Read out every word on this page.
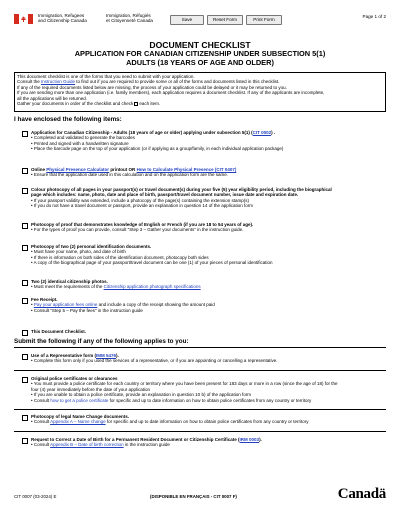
Immigration, Refugees
and Citizenship Canada
Immigration, Réfugiés
et Citoyenneté Canada	Save	Reset Form	Print Form
Page 1 of 2
DOCUMENT CHECKLIST
APPLICATION FOR CANADIAN CITIZENSHIP UNDER SUBSECTION 5(1)
ADULTS (18 YEARS OF AGE AND OLDER)

This document checklist is one of the forms that you need to submit with your application.

Consult the Instruction Guide to find out if you are required to provide some or all of the forms and documents listed in this checklist.

If any of the required documents listed below are missing, the process of your application could be delayed or it may be returned to you.

If you are sending more than one application (i.e. family members), each application requires a document checklist. If any of the applicants are incomplete,

all the applications will be returned.

Gather your documents in order of the checklist and check each item.

I have enclosed the following items:
Application for Canadian Citizenship - Adults (18 years of age or older) applying under subsection 5(1) (CIT 0002) .
• Completed and validated to generate the barcodes
• Printed and signed with a handwritten signature
• Place the barcode page on the top of your application (or if applying as a group/family, in each individual application package)
Online Physical Presence Calculator printout OR How to Calculate Physical Presence (CIT 0407)
• Ensure that the application date used in this calculation and on the application form are the same.
Colour photocopy of all pages in your passport(s) or travel document(s) during your five (5) year eligibility period, including the biographical
page which includes: name, photo, date and place of birth, passport/travel document number, issue date and expiration date.
• If your passport validity was extended, include a photocopy of the page(s) containing the extension stamp(s)
• If you do not have a travel document or passport, provide an explanation in question 14 of the application form
Photocopy of proof that demonstrates knowledge of English or French (if you are 18 to 54 years of age).
• For the types of proof you can provide, consult "Step 3 – Gather your documents" in the instruction guide.
Photocopy of two (2) personal identification documents.
• Must have your name, photo, and date of birth
• If there is information on both sides of the identification document, photocopy both sides
• A copy of the biographical page of your passport/travel document can be one (1) of your pieces of personal identification
Two (2) identical citizenship photos.
• Must meet the requirements of the Citizenship application photograph specifications
Fee Receipt.
• Pay your application fees online and include a copy of the receipt showing the amount paid
• Consult "Step 5 – Pay the fees" in the instruction guide
This Document Checklist.
Submit the following if any of the following applies to you:
Use of a Representative form (IMM 5476).
• Complete this form only if you used the services of a representative, or if you are appointing or cancelling a representative.
Original police certificates or clearances
• You must provide a police certificate for each country or territory where you have been present for 183 days or more in a row (since the age of 18) for the
four (4) year immediately before the date of your application
• If you are unable to obtain a police certificate, provide an explanation in question 10 b) of the application form
• Consult how to get a police certificate for specific and up to date information on how to obtain police certificates from any country or territory
Photocopy of legal Name Change documents.
• Consult Appendix A – Name change for specific and up to date information on how to obtain police certificates from any country or territory
Request to Correct a Date of Birth for a Permanent Resident Document or Citizenship Certificate (IRM 0003).
• Consult Appendix B – Date of birth correction in the instruction guide
CIT 0007 (03-2024) E	(DISPONIBLE EN FRANÇAIS - CIT 0007 F)	Canadä
